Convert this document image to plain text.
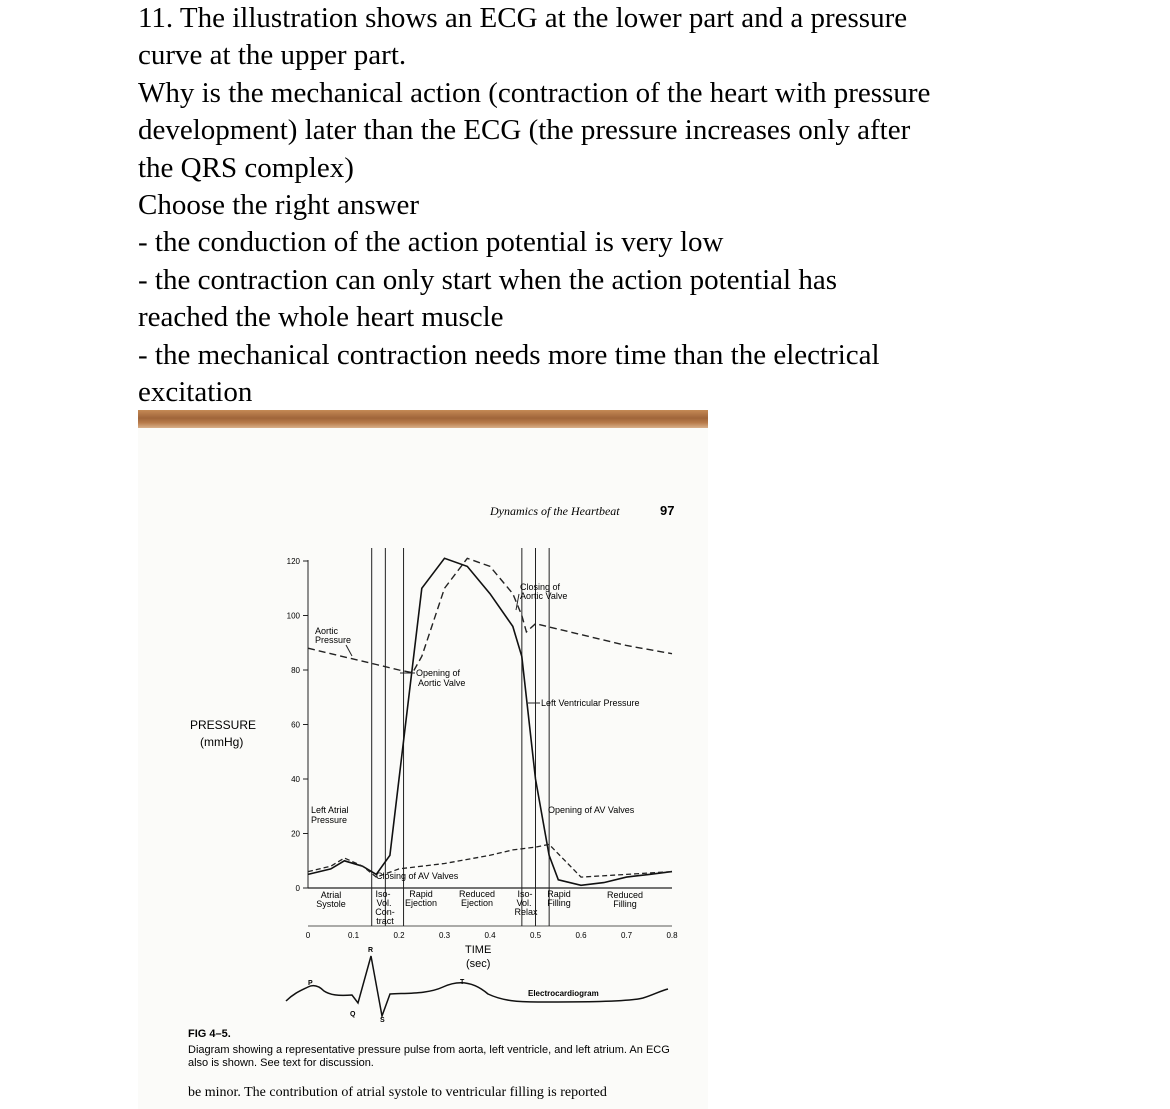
11. The illustration shows an ECG at the lower part and a pressure
curve at the upper part.
Why is the mechanical action (contraction of the heart with pressure
development) later than the ECG (the pressure increases only after
the QRS complex)
Choose the right answer
- the conduction of the action potential is very low
- the contraction can only start when the action potential has
reached the whole heart muscle
- the mechanical contraction needs more time than the electrical
excitation
Dynamics of the Heartbeat	97
PRESSURE
(mmHg)
120
100
80
60
40
20
0
0	0.1	0.2	0.3	0.4	0.5	0.6	0.7	0.8
TIME
(sec)
Aortic
Pressure
Opening of
Aortic Valve
Closing of
Aortic Valve
Left Ventricular Pressure
Opening of AV Valves
Left Atrial
Pressure
Closing of AV Valves
Atrial
Systole
Iso-
Vol.
Con-
tract
Rapid
Ejection
Reduced
Ejection
Iso-
Vol.
Relax
Rapid
Filling
Reduced
Filling
P
Q
R
S
T
Electrocardiogram
FIG 4–5.
Diagram showing a representative pressure pulse from aorta, left ventricle, and left atrium. An ECG also is shown. See text for discussion.
be minor. The contribution of atrial systole to ventricular filling is reported
